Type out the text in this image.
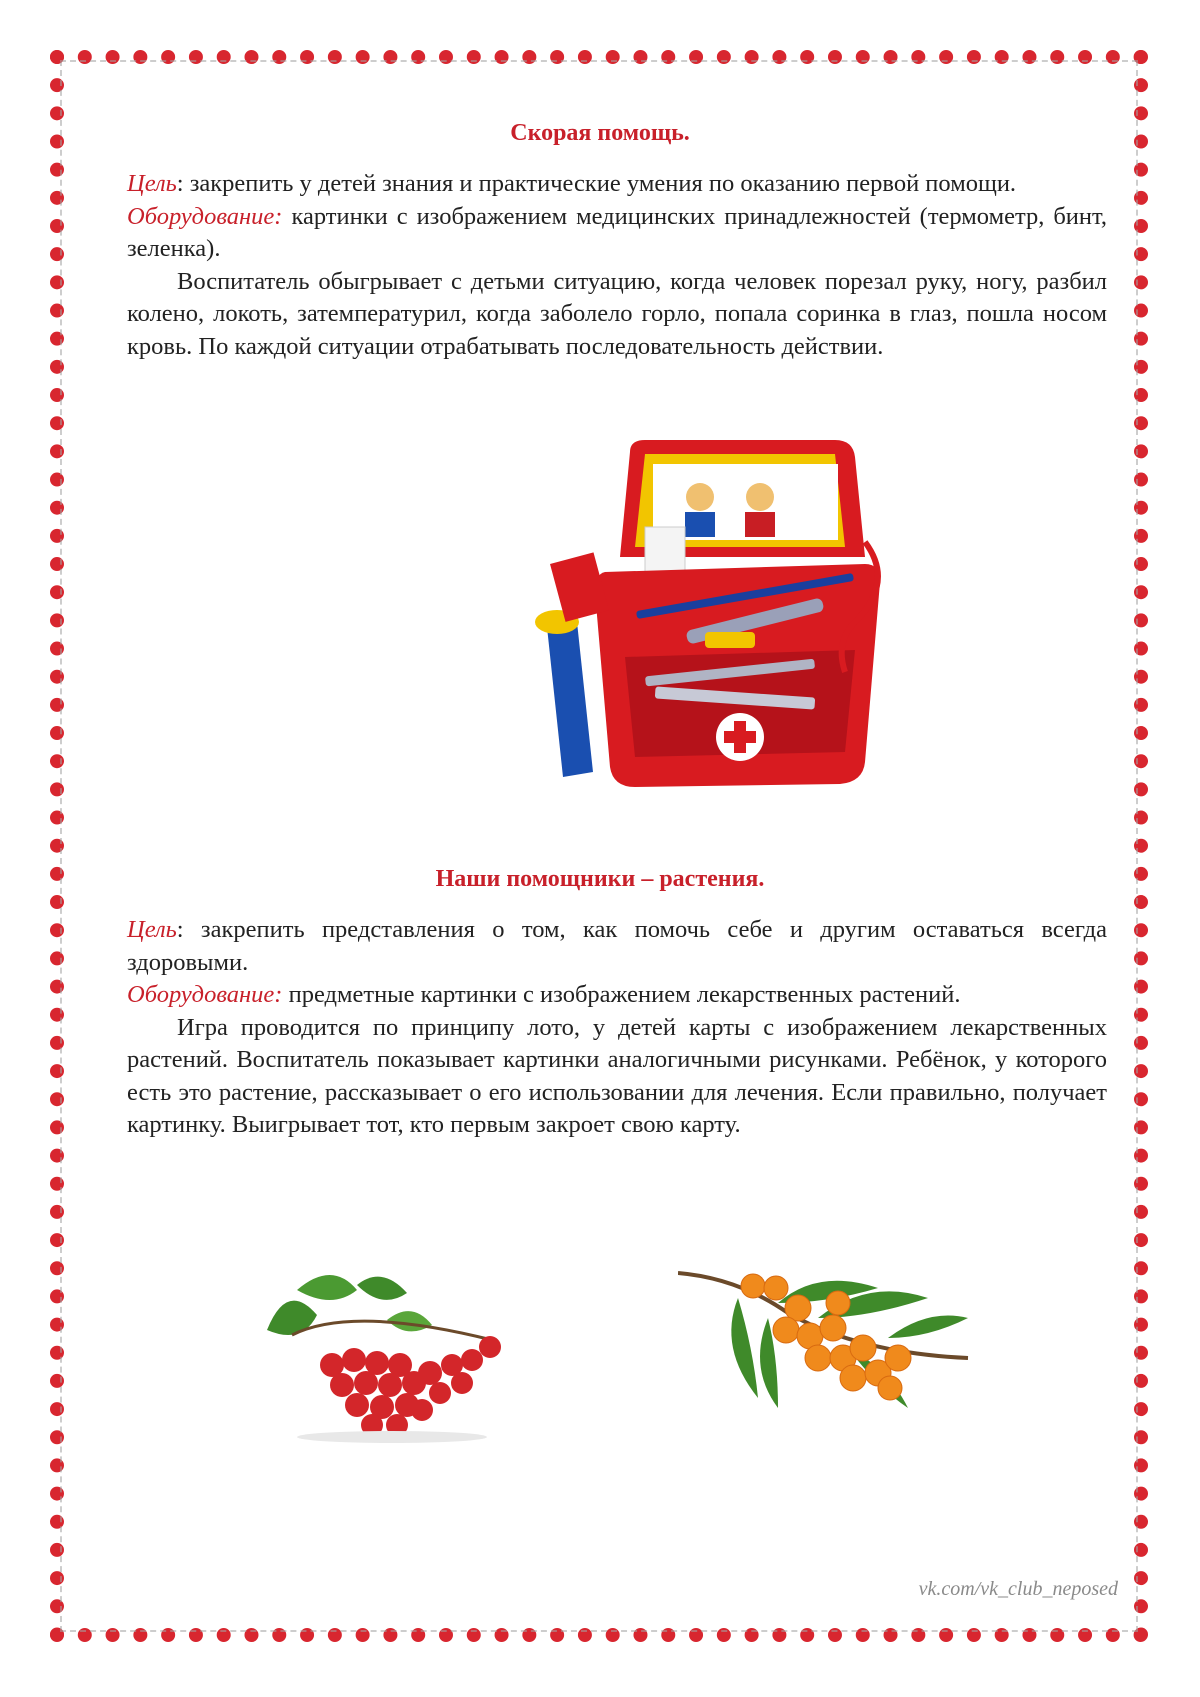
Скорая помощь.

Цель: закрепить у детей знания и практические умения по оказанию первой помощи.

Оборудование: картинки с изображением медицинских принадлежностей (термометр, бинт, зеленка).

Воспитатель обыгрывает с детьми ситуацию, когда человек порезал руку, ногу, разбил колено, локоть, затемпературил, когда заболело горло, попала соринка в глаз, пошла носом кровь. По каждой ситуации отрабатывать последовательность действии.

Наши помощники – растения.

Цель: закрепить представления о том, как помочь себе и другим оставаться всегда здоровыми.

Оборудование: предметные картинки с изображением лекарственных растений.

Игра проводится по принципу лото, у детей карты с изображением лекарственных растений. Воспитатель показывает картинки аналогичными рисунками. Ребёнок, у которого есть это растение, рассказывает о его использовании для лечения. Если правильно, получает картинку. Выигрывает тот, кто первым закроет свою карту.

vk.com/vk_club_neposed
